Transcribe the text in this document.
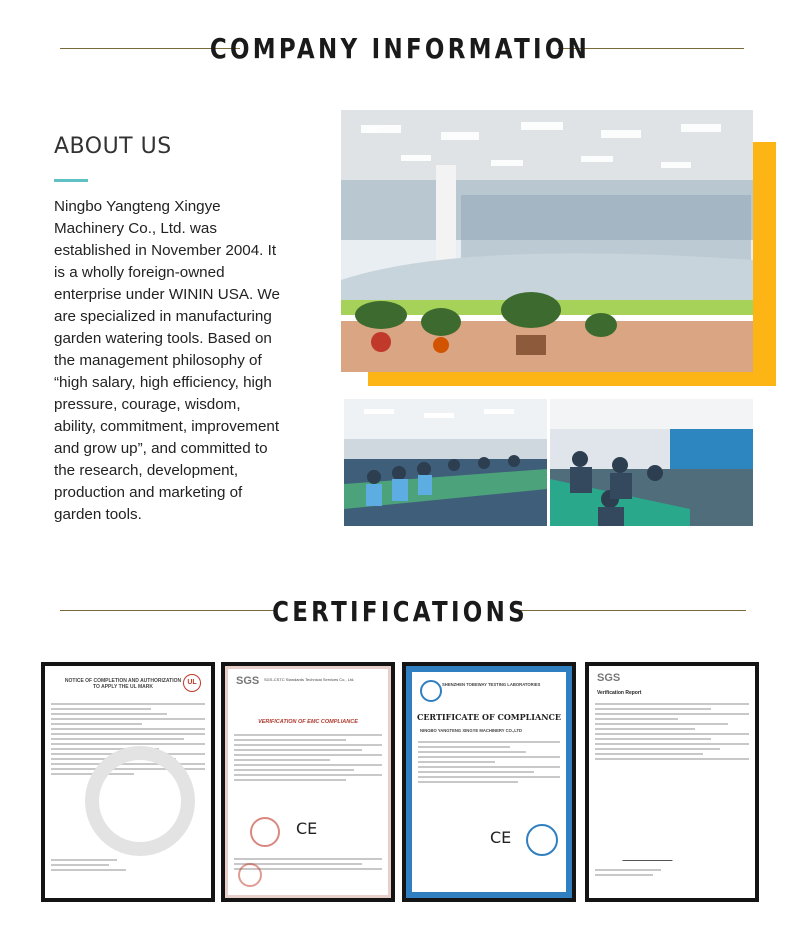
COMPANY INFORMATION
ABOUT US

Ningbo Yangteng Xingye Machinery Co., Ltd. was established in November 2004. It is a wholly foreign-owned enterprise under WININ USA. We are specialized in manufacturing garden watering tools. Based on the management philosophy of “high salary, high efficiency, high pressure, courage, wisdom, ability, commitment, improvement and grow up”, and committed to the research, development, production and marketing of garden tools.

CERTIFICATIONS
NOTICE OF COMPLETION AND AUTHORIZATION TO APPLY THE UL MARK
UL	SGS SGS-CSTC Standards Technical Services Co., Ltd.
VERIFICATION OF EMC COMPLIANCE
CE
SHENZHEN TOBEWAY TESTING LABORATORIES
CERTIFICATE OF COMPLIANCE
NINGBO YANGTENG XINGYE MACHINERY CO.,LTD
CE
SGS
Verification Report
